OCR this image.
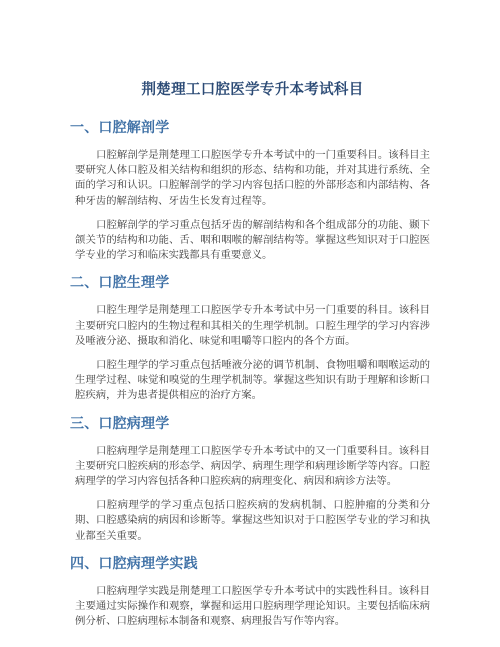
荆楚理工口腔医学专升本考试科目
一、口腔解剖学

口腔解剖学是荆楚理工口腔医学专升本考试中的一门重要科目。该科目主要研究人体口腔及相关结构和组织的形态、结构和功能，并对其进行系统、全面的学习和认识。口腔解剖学的学习内容包括口腔的外部形态和内部结构、各种牙齿的解剖结构、牙齿生长发育过程等。

口腔解剖学的学习重点包括牙齿的解剖结构和各个组成部分的功能、颞下颌关节的结构和功能、舌、咽和咽喉的解剖结构等。掌握这些知识对于口腔医学专业的学习和临床实践都具有重要意义。

二、口腔生理学

口腔生理学是荆楚理工口腔医学专升本考试中另一门重要的科目。该科目主要研究口腔内的生物过程和其相关的生理学机制。口腔生理学的学习内容涉及唾液分泌、摄取和消化、味觉和咀嚼等口腔内的各个方面。

口腔生理学的学习重点包括唾液分泌的调节机制、食物咀嚼和咽喉运动的生理学过程、味觉和嗅觉的生理学机制等。掌握这些知识有助于理解和诊断口腔疾病，并为患者提供相应的治疗方案。

三、口腔病理学

口腔病理学是荆楚理工口腔医学专升本考试中的又一门重要科目。该科目主要研究口腔疾病的形态学、病因学、病理生理学和病理诊断学等内容。口腔病理学的学习内容包括各种口腔疾病的病理变化、病因和病诊方法等。

口腔病理学的学习重点包括口腔疾病的发病机制、口腔肿瘤的分类和分期、口腔感染病的病因和诊断等。掌握这些知识对于口腔医学专业的学习和执业都至关重要。

四、口腔病理学实践

口腔病理学实践是荆楚理工口腔医学专升本考试中的实践性科目。该科目主要通过实际操作和观察，掌握和运用口腔病理学理论知识。主要包括临床病例分析、口腔病理标本制备和观察、病理报告写作等内容。
